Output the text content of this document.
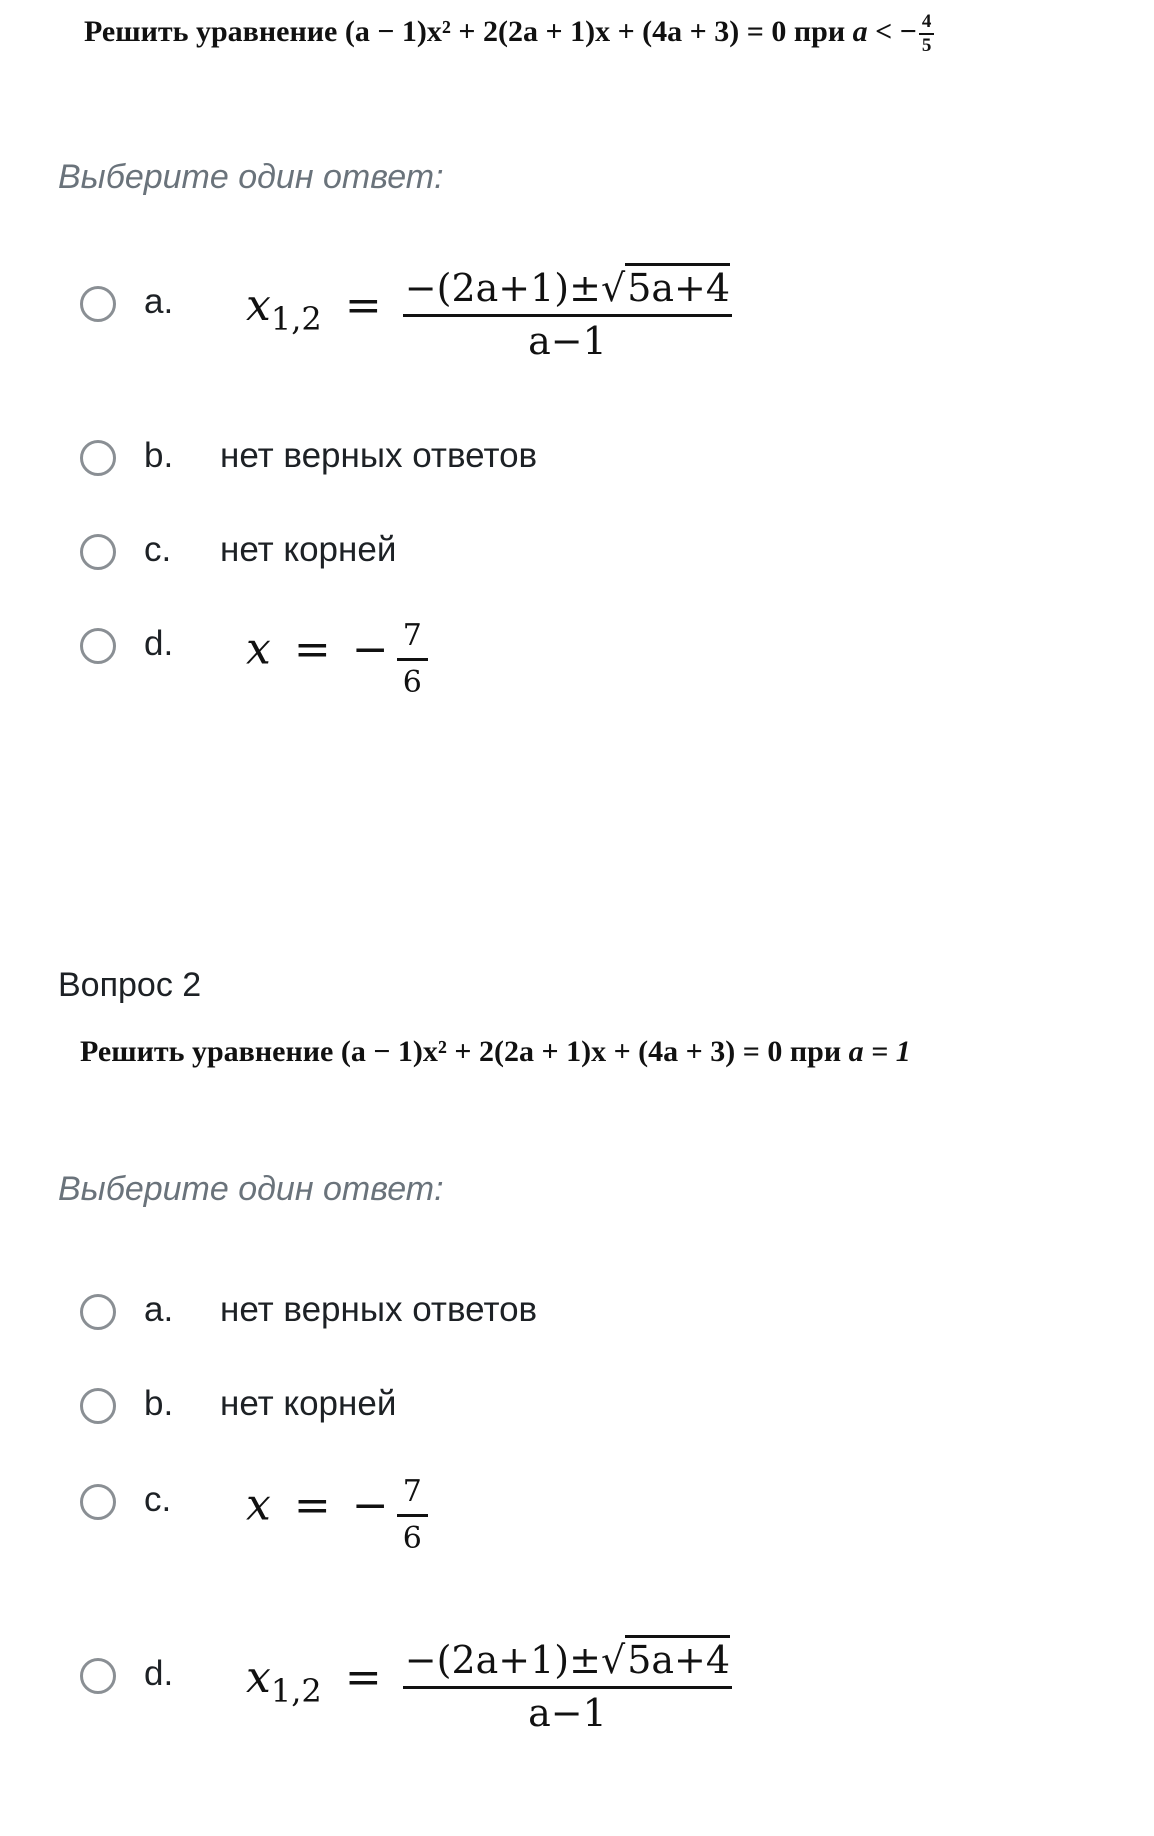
Решить уравнение (a − 1)x² + 2(2a + 1)x + (4a + 3) = 0 при a < − $\frac{4}{5}$
Выберите один ответ:
a. $x_{1,2} = \frac{-(2a+1)\pm√5a+4}{a-1}$
b. нет верных ответов
c. нет корней
d. x = − $\frac{7}{6}$
Вопрос 2
Решить уравнение (a − 1)x² + 2(2a + 1)x + (4a + 3) = 0 при a = 1
Выберите один ответ:
a. нет верных ответов
b. нет корней
c. x = − $\frac{7}{6}$
d. $x_{1,2} = \frac{-(2a+1)\pm√5a+4}{a-1}$
